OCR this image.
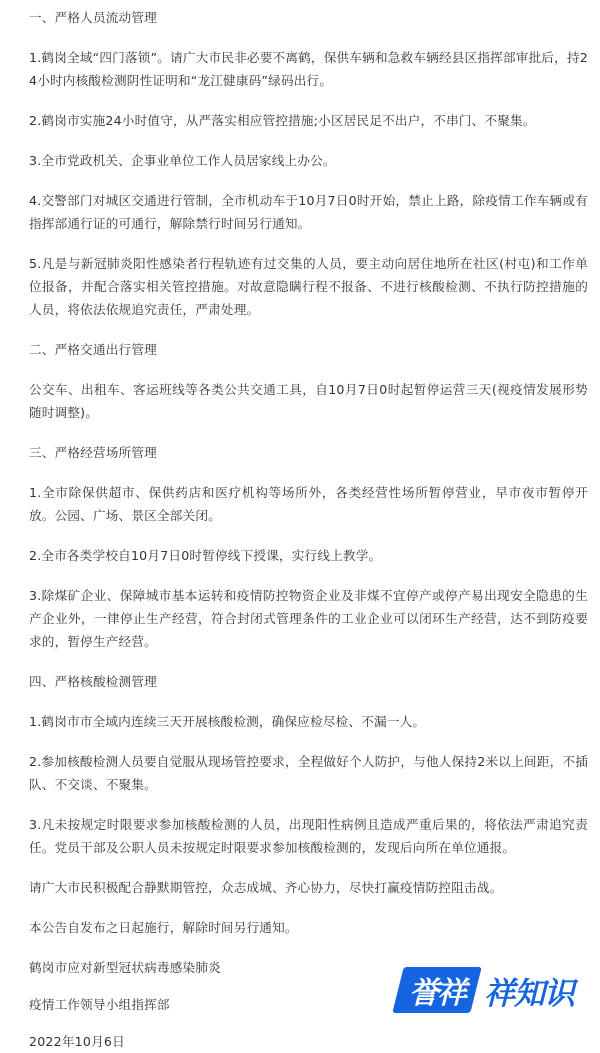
一、严格人员流动管理

1.鹤岗全域“四门落锁”。请广大市民非必要不离鹤，保供车辆和急救车辆经县区指挥部审批后，持24小时内核酸检测阴性证明和“龙江健康码”绿码出行。

2.鹤岗市实施24小时值守，从严落实相应管控措施;小区居民足不出户，不串门、不聚集。

3.全市党政机关、企事业单位工作人员居家线上办公。

4.交警部门对城区交通进行管制，全市机动车于10月7日0时开始，禁止上路，除疫情工作车辆或有指挥部通行证的可通行，解除禁行时间另行通知。

5.凡是与新冠肺炎阳性感染者行程轨迹有过交集的人员，要主动向居住地所在社区(村屯)和工作单位报备，并配合落实相关管控措施。对故意隐瞒行程不报备、不进行核酸检测、不执行防控措施的人员，将依法依规追究责任，严肃处理。

二、严格交通出行管理

公交车、出租车、客运班线等各类公共交通工具，自10月7日0时起暂停运营三天(视疫情发展形势随时调整)。

三、严格经营场所管理

1.全市除保供超市、保供药店和医疗机构等场所外，各类经营性场所暂停营业，早市夜市暂停开放。公园、广场、景区全部关闭。

2.全市各类学校自10月7日0时暂停线下授课，实行线上教学。

3.除煤矿企业、保障城市基本运转和疫情防控物资企业及非煤不宜停产或停产易出现安全隐患的生产企业外，一律停止生产经营，符合封闭式管理条件的工业企业可以闭环生产经营，达不到防疫要求的，暂停生产经营。

四、严格核酸检测管理

1.鹤岗市市全域内连续三天开展核酸检测，确保应检尽检、不漏一人。

2.参加核酸检测人员要自觉服从现场管控要求，全程做好个人防护，与他人保持2米以上间距，不插队、不交谈、不聚集。

3.凡未按规定时限要求参加核酸检测的人员，出现阳性病例且造成严重后果的，将依法严肃追究责任。党员干部及公职人员未按规定时限要求参加核酸检测的，发现后向所在单位通报。

请广大市民积极配合静默期管控，众志成城、齐心协力，尽快打赢疫情防控阻击战。

本公告自发布之日起施行，解除时间另行通知。

鹤岗市应对新型冠状病毒感染肺炎

疫情工作领导小组指挥部

2022年10月6日

誉祥 祥知识
